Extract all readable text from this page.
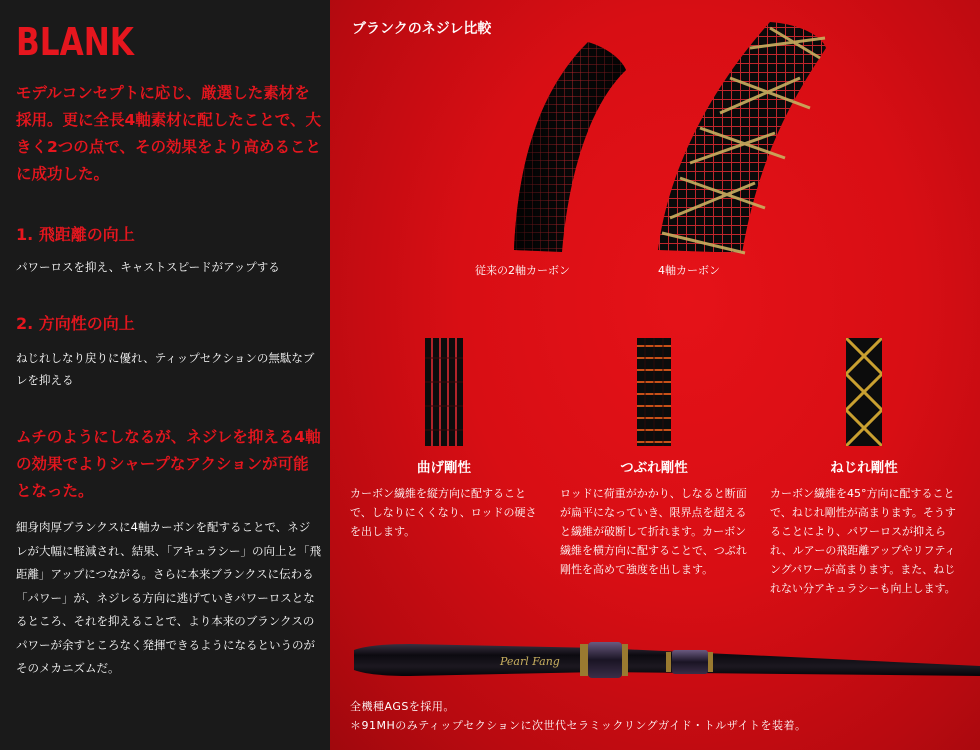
BLANK

モデルコンセプトに応じ、厳選した素材を採用。更に全長4軸素材に配したことで、大きく2つの点で、その効果をより高めることに成功した。

1. 飛距離の向上

パワーロスを抑え、キャストスピードがアップする

2. 方向性の向上

ねじれしなり戻りに優れ、ティップセクションの無駄なブレを抑える

ムチのようにしなるが、ネジレを抑える4軸の効果でよりシャープなアクションが可能となった。

細身肉厚ブランクスに4軸カーボンを配することで、ネジレが大幅に軽減され、結果、「アキュラシー」の向上と「飛距離」アップにつながる。さらに本来ブランクスに伝わる「パワー」が、ネジレる方向に逃げていきパワーロスとなるところ、それを抑えることで、より本来のブランクスのパワーが余すところなく発揮できるようになるというのがそのメカニズムだ。

ブランクのネジレ比較

従来の2軸カーボン	4軸カーボン

曲げ剛性	つぶれ剛性	ねじれ剛性

カーボン繊維を縦方向に配することで、しなりにくくなり、ロッドの硬さを出します。

ロッドに荷重がかかり、しなると断面が扁平になっていき、限界点を超えると繊維が破断して折れます。カーボン繊維を横方向に配することで、つぶれ剛性を高めて強度を出します。

カーボン繊維を45°方向に配することで、ねじれ剛性が高まります。そうすることにより、パワーロスが抑えられ、ルアーの飛距離アップやリフティングパワーが高まります。また、ねじれない分アキュラシーも向上します。

Pearl Fang

全機種AGSを採用。

＊91MHのみティップセクションに次世代セラミックリングガイド・トルザイトを装着。
